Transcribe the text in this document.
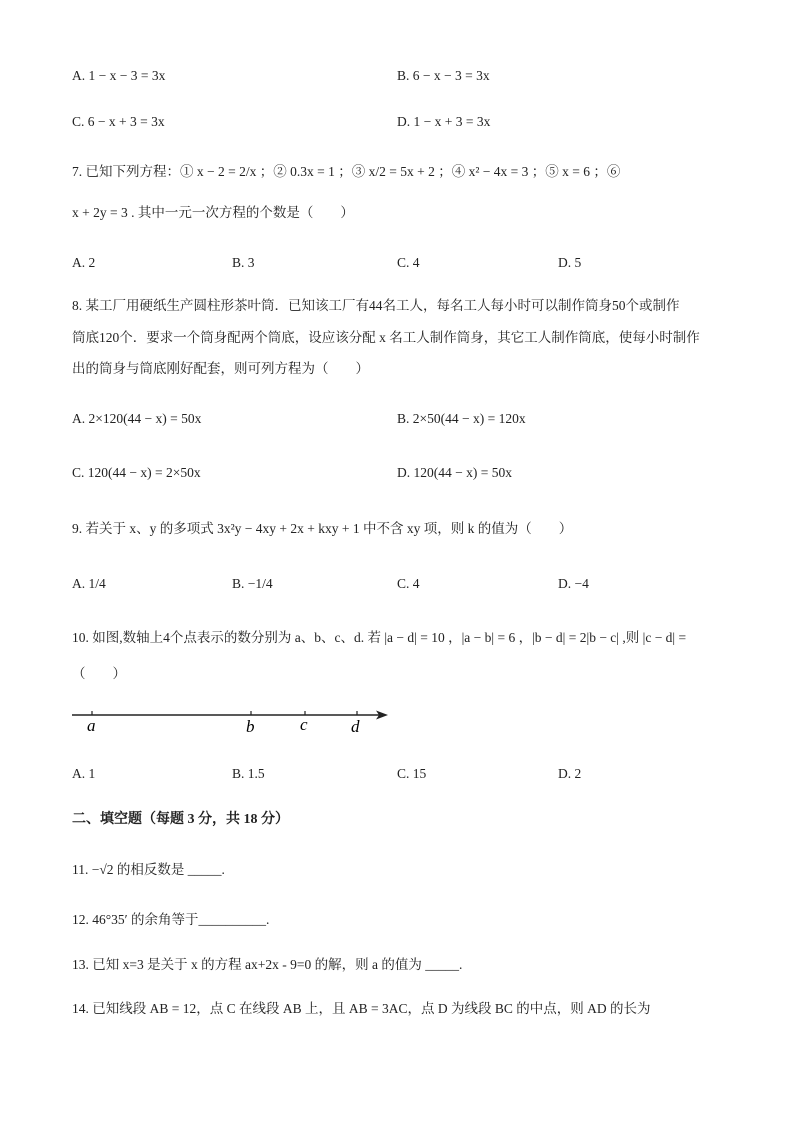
A. 1 − x − 3 = 3x	B. 6 − x − 3 = 3x
C. 6 − x + 3 = 3x	D. 1 − x + 3 = 3x
7. 已知下列方程：① x − 2 = 2/x ；② 0.3x = 1 ；③ x/2 = 5x + 2 ；④ x² − 4x = 3 ；⑤ x = 6 ；⑥
x + 2y = 3 . 其中一元一次方程的个数是（　　）
A. 2	B. 3	C. 4	D. 5
8. 某工厂用硬纸生产圆柱形茶叶筒．已知该工厂有44名工人，每名工人每小时可以制作筒身50个或制作
筒底120个．要求一个筒身配两个筒底，设应该分配 x 名工人制作筒身，其它工人制作筒底，使每小时制作
出的筒身与筒底刚好配套，则可列方程为（　　）
A. 2×120(44 − x) = 50x	B. 2×50(44 − x) = 120x
C. 120(44 − x) = 2×50x	D. 120(44 − x) = 50x
9. 若关于 x、y 的多项式 3x²y − 4xy + 2x + kxy + 1 中不含 xy 项，则 k 的值为（　　）
A. 1/4	B. −1/4	C. 4	D. −4
10. 如图,数轴上4个点表示的数分别为 a、b、c、d. 若 |a − d| = 10 ，|a − b| = 6 ，|b − d| = 2|b − c| ,则 |c − d| =
（　　）
a	b	c	d
A. 1	B. 1.5	C. 15	D. 2
二、填空题（每题 3 分，共 18 分）
11. −√2 的相反数是 _____.
12. 46°35′ 的余角等于__________.
13. 已知 x=3 是关于 x 的方程 ax+2x - 9=0 的解，则 a 的值为 _____.
14. 已知线段 AB = 12，点 C 在线段 AB 上，且 AB = 3AC，点 D 为线段 BC 的中点，则 AD 的长为
